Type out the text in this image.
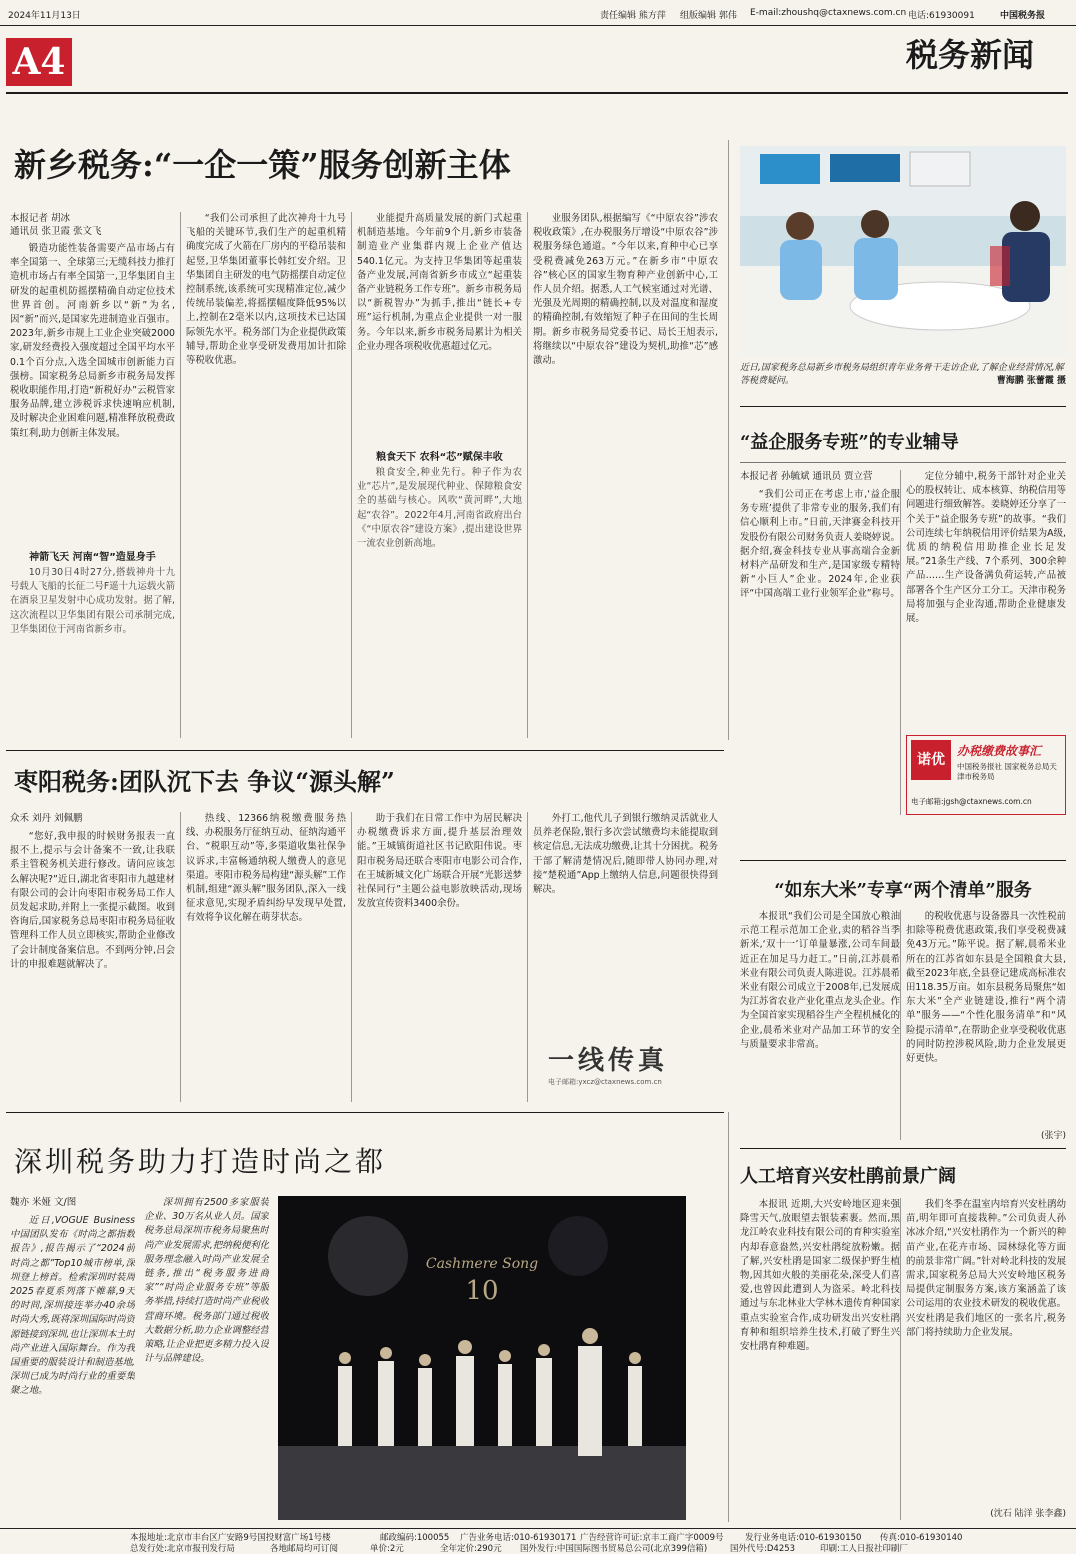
2024年11月13日	责任编辑 熊方萍 组版编辑 郭伟 E-mail:zhoushq@ctaxnews.com.cn 电话:61930091	中国税务报
A4	税务新闻
新乡税务:“一企一策”服务创新主体
本报记者 胡冰
通讯员 张卫霞 张文飞

锻造功能性装备需要产品市场占有率全国第一、全球第三;无缆科技力推打造机市场占有率全国第一,卫华集团自主研发的起重机防摇摆精确自动定位技术世界首创。河南新乡以“新”为名,因“新”而兴,是国家先进制造业百强市。2023年,新乡市规上工业企业突破2000家,研发经费投入强度超过全国平均水平0.1个百分点,入选全国城市创新能力百强榜。国家税务总局新乡市税务局发挥税收职能作用,打造“新税好办”云税管家服务品牌,建立涉税诉求快速响应机制,及时解决企业困难问题,精准释放税费政策红利,助力创新主体发展。

神箭飞天 河南“智”造显身手

10月30日4时27分,搭载神舟十九号载人飞船的长征二号F遥十九运载火箭在酒泉卫星发射中心成功发射。据了解,这次流程以卫华集团有限公司承制完成,卫华集团位于河南省新乡市。

“我们公司承担了此次神舟十九号飞船的关键环节,我们生产的起重机精确度完成了火箭在厂房内的平稳吊装和起竖,卫华集团董事长韩红安介绍。卫华集团自主研发的电气防摇摆自动定位控制系统,该系统可实现精准定位,减少传统吊装偏差,将摇摆幅度降低95%以上,控制在2毫米以内,这项技术已达国际领先水平。税务部门为企业提供政策辅导,帮助企业享受研发费用加计扣除等税收优惠。

业能提升高质量发展的新门式起重机制造基地。今年前9个月,新乡市装备制造业产业集群内规上企业产值达540.1亿元。为支持卫华集团等起重装备产业发展,河南省新乡市成立“起重装备产业链税务工作专班”。新乡市税务局以“新税智办”为抓手,推出“链长+专班”运行机制,为重点企业提供一对一服务。今年以来,新乡市税务局累计为相关企业办理各项税收优惠超过亿元。

粮食天下 农科“芯”赋保丰收

粮食安全,种业先行。种子作为农业“芯片”,是发展现代种业、保障粮食安全的基础与核心。风吹“黄河畔”,大地起“农谷”。2022年4月,河南省政府出台《“中原农谷”建设方案》,提出建设世界一流农业创新高地。

业服务团队,根据编写《“中原农谷”涉农税收政策》,在办税服务厅增设“中原农谷”涉税服务绿色通道。“今年以来,育种中心已享受税费减免263万元。”在新乡市“中原农谷”核心区的国家生物育种产业创新中心,工作人员介绍。据悉,人工气候室通过对光谱、光强及光周期的精确控制,以及对温度和湿度的精确控制,有效缩短了种子在田间的生长周期。新乡市税务局党委书记、局长王旭表示,将继续以“中原农谷”建设为契机,助推“芯”感激动。

近日,国家税务总局新乡市税务局组织青年业务骨干走访企业,了解企业经营情况,解答税费疑问。	曹海鹏 张蕾霞 摄
“益企服务专班”的专业辅导
本报记者 孙毓斌 通讯员 贾立营

“我们公司正在考虑上市,‘益企服务专班’提供了非常专业的服务,我们有信心顺利上市。”日前,天津赛金科技开发股份有限公司财务负责人姜晓婷说。据介绍,赛金科技专业从事高端合金新材料产品研发和生产,是国家级专精特新“小巨人”企业。2024年,企业获评“中国高端工业行业领军企业”称号。

定位分辅中,税务干部针对企业关心的股权转让、成本核算、纳税信用等问题进行细致解答。姜晓婷还分享了一个关于“益企服务专班”的故事。“我们公司连续七年纳税信用评价结果为A级,优质的纳税信用助推企业长足发展。”21条生产线、7个系列、300余种产品……生产设备满负荷运转,产品被部署各个生产区分工分工。天津市税务局将加强与企业沟通,帮助企业健康发展。

诺优
办税缴费故事汇
中国税务报社 国家税务总局天津市税务局
电子邮箱:jgsh@ctaxnews.com.cn
枣阳税务:团队沉下去 争议“源头解”
众禾 刘丹 刘佩鹏

“您好,我申报的时候财务报表一直报不上,提示与会计备案不一致,让我联系主管税务机关进行修改。请问应该怎么解决呢?”近日,湖北省枣阳市九越建材有限公司的会计向枣阳市税务局工作人员发起求助,并附上一张提示截图。收到咨询后,国家税务总局枣阳市税务局征收管理科工作人员立即核实,帮助企业修改了会计制度备案信息。不到两分钟,吕会计的申报难题就解决了。

热线、12366纳税缴费服务热线、办税服务厅征纳互动、征纳沟通平台、“税职互动”等,多渠道收集社保争议诉求,丰富畅通纳税人缴费人的意见渠道。枣阳市税务局构建“源头解”工作机制,组建“源头解”服务团队,深入一线征求意见,实现矛盾纠纷早发现早处置,有效将争议化解在萌芽状态。

助于我们在日常工作中为居民解决办税缴费诉求方面,提升基层治理效能。”王城镇街道社区书记欧阳伟说。枣阳市税务局还联合枣阳市电影公司合作,在王城新城文化广场联合开展“光影送梦 社保同行”主题公益电影放映活动,现场发放宣传资料3400余份。

外打工,他代儿子到银行缴纳灵活就业人员养老保险,银行多次尝试缴费均未能提取到核定信息,无法成功缴费,让其十分困扰。税务干部了解清楚情况后,随即带人协同办理,对接“楚税通”App上缴纳人信息,问题很快得到解决。

一线传真
电子邮箱:yxcz@ctaxnews.com.cn
“如东大米”专享“两个清单”服务

本报讯“我们公司是全国放心粮油示范工程示范加工企业,卖的稻谷当季新米,‘双十一’订单量暴涨,公司车间最近正在加足马力赶工。”日前,江苏晨希米业有限公司负责人陈进说。江苏晨希米业有限公司成立于2008年,已发展成为江苏省农业产业化重点龙头企业。作为全国首家实现稻谷生产全程机械化的企业,晨希米业对产品加工环节的安全与质量要求非常高。

的税收优惠与设备器具一次性税前扣除等税费优惠政策,我们享受税费减免43万元。”陈平说。据了解,晨希米业所在的江苏省如东县是全国粮食大县,截至2023年底,全县登记建成高标准农田118.35万亩。如东县税务局聚焦“如东大米”全产业链建设,推行“两个清单”服务——“个性化服务清单”和“风险提示清单”,在帮助企业享受税收优惠的同时防控涉税风险,助力企业发展更好更快。

(张宇)
深圳税务助力打造时尚之都
魏亦 米娅 文/图

近日,VOGUE Business中国团队发布《时尚之都指数报告》,报告揭示了“2024前时尚之都”Top10城市榜单,深圳登上榜首。检索深圳时装周2025春夏系列落下帷幕,9天的时间,深圳接连举办40余场时尚大秀,既将深圳国际时尚资源链接到深圳,也让深圳本土时尚产业进入国际舞台。作为我国重要的服装设计和制造基地,深圳已成为时尚行业的重要集聚之地。

深圳拥有2500多家服装企业、30万名从业人员。国家税务总局深圳市税务局聚焦时尚产业发展需求,把纳税便利化服务理念融入时尚产业发展全链条,推出“税务服务进商家”“时尚企业服务专班”等服务举措,持续打造时尚产业税收营商环境。税务部门通过税收大数据分析,助力企业调整经营策略,让企业把更多精力投入设计与品牌建设。

Cashmere Song
10
人工培育兴安杜鹃前景广阔

本报讯 近期,大兴安岭地区迎来强降雪天气,放眼望去银装素裹。然而,黑龙江岭农业科技有限公司的育种实验室内却春意盎然,兴安杜鹃绽放粉嫩。据了解,兴安杜鹃是国家二级保护野生植物,因其如火般的美丽花朵,深受人们喜爱,也曾因此遭到人为盗采。岭北科技通过与东北林业大学林木遗传育种国家重点实验室合作,成功研发出兴安杜鹃育种和组织培养生技术,打破了野生兴安杜鹃育种难题。

我们冬季在温室内培育兴安杜鹃幼苗,明年即可直接栽种。”公司负责人孙冰冰介绍,“兴安杜鹃作为一个新兴的种苗产业,在花卉市场、园林绿化等方面的前景非常广阔。”针对岭北科技的发展需求,国家税务总局大兴安岭地区税务局提供定制服务方案,该方案涵盖了该公司运用的农业技术研发的税收优惠。兴安杜鹃是我们地区的一张名片,税务部门将持续助力企业发展。

(沈石 陆洋 张李鑫)
本报地址:北京市丰台区广安路9号国投财富广场1号楼	邮政编码:100055 广告业务电话:010-61930171 广告经营许可证:京丰工商广字0009号	发行业务电话:010-61930150 传真:010-61930140
总发行处:北京市报刊发行局	各地邮局均可订阅	单价:2元	全年定价:290元 国外发行:中国国际图书贸易总公司(北京399信箱)	国外代号:D4253	印刷:工人日报社印刷厂
